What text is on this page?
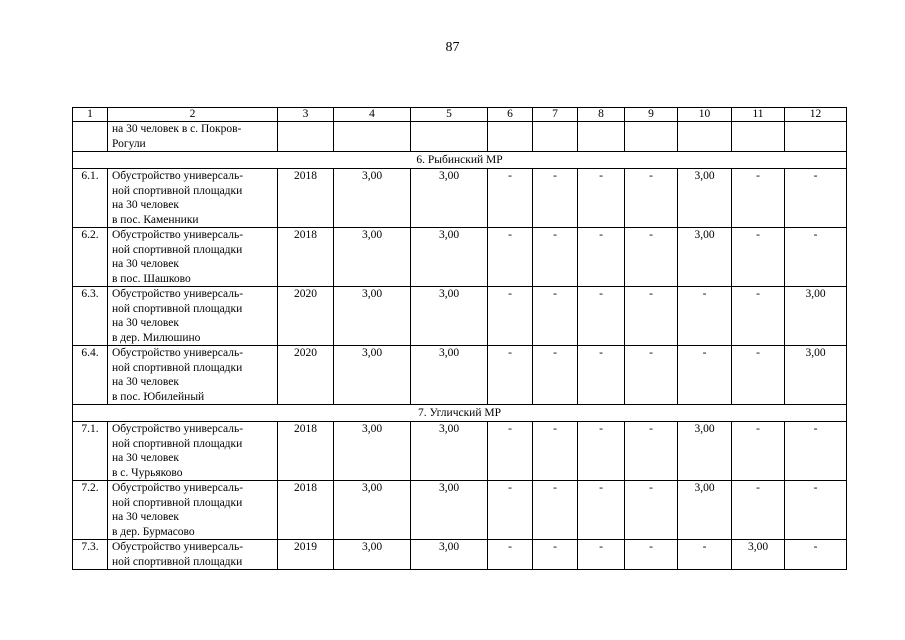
87
1	2	3	4	5	6	7	8	9	10	11	12

	на 30 человек в с. Покров-
Рогули										

6. Рыбинский МР											
6.1.	Обустройство универсаль-
ной спортивной площадки
на 30 человек
в пос. Каменники	2018	3,00	3,00	-	-	-	-	3,00	-	-
6.2.	Обустройство универсаль-
ной спортивной площадки
на 30 человек
в пос. Шашково	2018	3,00	3,00	-	-	-	-	3,00	-	-
6.3.	Обустройство универсаль-
ной спортивной площадки
на 30 человек
в дер. Милюшино	2020	3,00	3,00	-	-	-	-	-	-	3,00
6.4.	Обустройство универсаль-
ной спортивной площадки
на 30 человек
в пос. Юбилейный	2020	3,00	3,00	-	-	-	-	-	-	3,00
7. Угличский МР											
7.1.	Обустройство универсаль-
ной спортивной площадки
на 30 человек
в с. Чурьяково	2018	3,00	3,00	-	-	-	-	3,00	-	-
7.2.	Обустройство универсаль-
ной спортивной площадки
на 30 человек
в дер. Бурмасово	2018	3,00	3,00	-	-	-	-	3,00	-	-
7.3.	Обустройство универсаль-
ной спортивной площадки	2019	3,00	3,00	-	-	-	-	-	3,00	-
